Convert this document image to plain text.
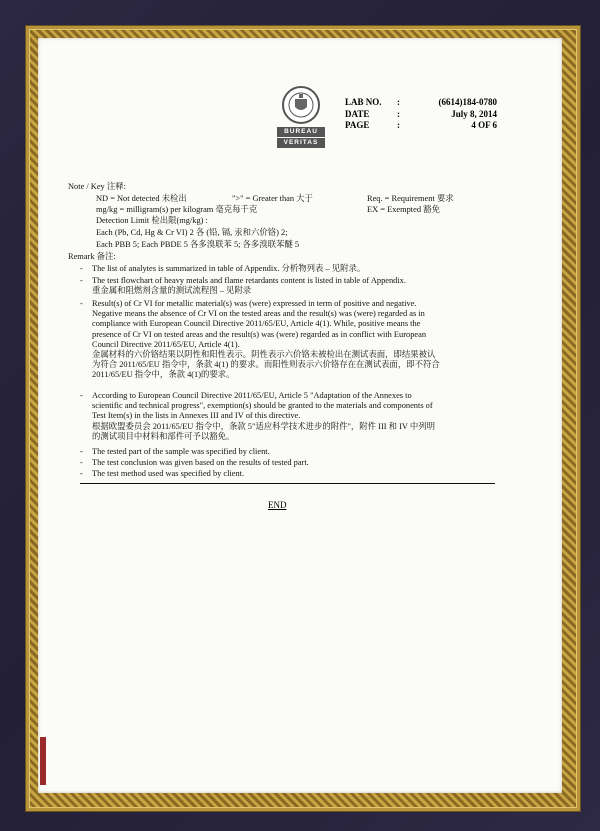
BUREAU
VERITAS
LAB NO.	:	(6614)184-0780
DATE	:	July 8, 2014
PAGE	:	4 OF 6
Note / Key 注释:
ND = Not detected 未检出	">" = Greater than 大于	Req. = Requirement 要求
mg/kg = milligram(s) per kilogram 毫克每千克	EX = Exempted 豁免
Detection Limit 检出限(mg/kg) :
Each (Pb, Cd, Hg & Cr VI) 2 各 (铅, 镉, 汞和六价铬) 2;
Each PBB 5; Each PBDE 5 各多溴联苯 5; 各多溴联苯醚 5
Remark 备注:
- The list of analytes is summarized in table of Appendix. 分析物列表 – 见附录。
- The test flowchart of heavy metals and flame retardants content is listed in table of Appendix.
重金属和阻燃剂含量的测试流程图 – 见附录
- Result(s) of Cr VI for metallic material(s) was (were) expressed in term of positive and negative.
Negative means the absence of Cr VI on the tested areas and the result(s) was (were) regarded as in
compliance with European Council Directive 2011/65/EU, Article 4(1). While, positive means the
presence of Cr VI on tested areas and the result(s) was (were) regarded as in conflict with European
Council Directive 2011/65/EU, Article 4(1).
金属材料的六价铬结果以阴性和阳性表示。阴性表示六价铬未被检出在测试表面，即结果被认
为符合 2011/65/EU 指令中，条款 4(1) 的要求。而阳性则表示六价铬存在在测试表面，即不符合
2011/65/EU 指令中，条款 4(1)的要求。
- According to European Council Directive 2011/65/EU, Article 5 "Adaptation of the Annexes to
scientific and technical progress", exemption(s) should be granted to the materials and components of
Test Item(s) in the lists in Annexes III and IV of this directive.
根据欧盟委员会 2011/65/EU 指令中，条款 5"适应科学技术进步的附件"，附件 III 和 IV 中列明
的测试项目中材料和部件可予以豁免。
- The tested part of the sample was specified by client.
- The test conclusion was given based on the results of tested part.
- The test method used was specified by client.
END
